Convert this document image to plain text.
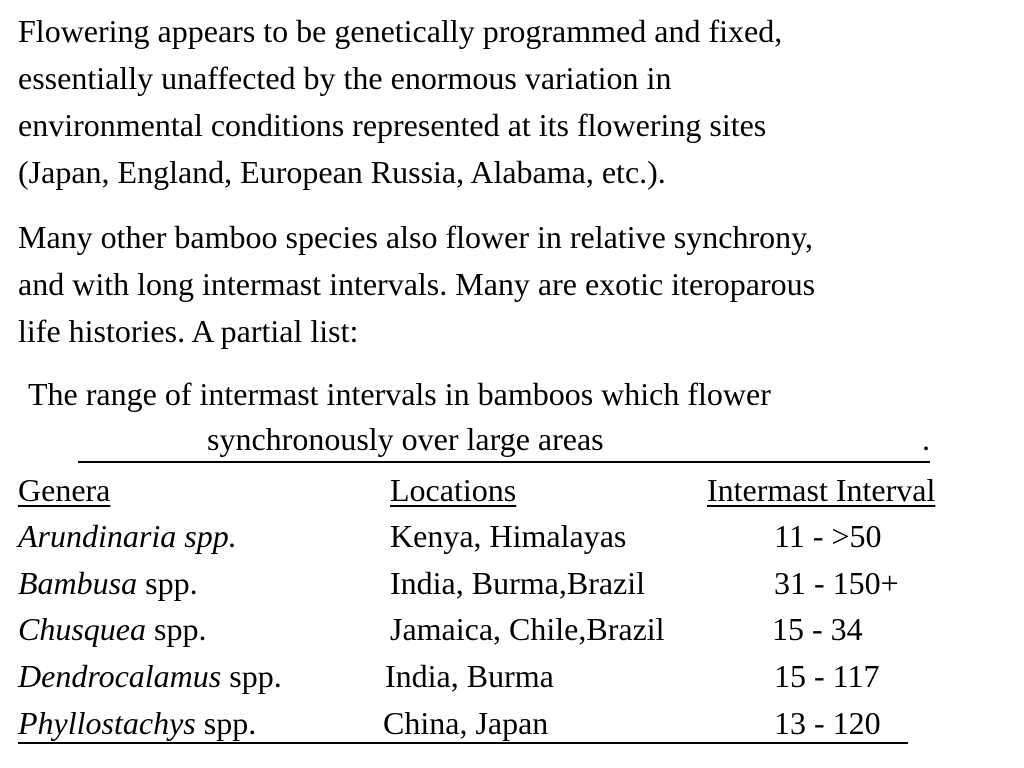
Flowering appears to be genetically programmed and fixed,
essentially unaffected by the enormous variation in
environmental conditions represented at its flowering sites
(Japan, England, European Russia, Alabama, etc.).
Many other bamboo species also flower in relative synchrony,
and with long intermast intervals. Many are exotic iteroparous
life histories. A partial list:
The range of intermast intervals in bamboos which flower
synchronously over large areas	.
Genera	Locations	Intermast Interval
Arundinaria spp.	Kenya, Himalayas	11 - >50
Bambusa spp.	India, Burma,Brazil	31 - 150+
Chusquea spp.	Jamaica, Chile,Brazil	15 - 34
Dendrocalamus spp.	India, Burma	15 - 117
Phyllostachys spp.	China, Japan	13 - 120
